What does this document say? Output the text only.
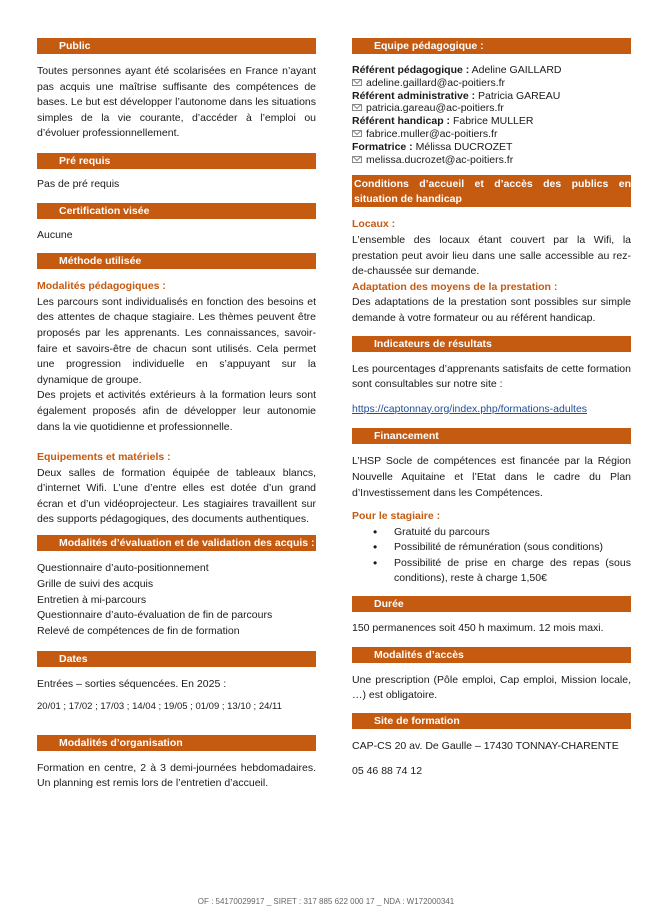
Public
Toutes personnes ayant été scolarisées en France n’ayant pas acquis une maîtrise suffisante des compétences de bases. Le but est développer l’autonome dans les situations simples de la vie courante, d’accéder à l’emploi ou d’évoluer professionnellement.
Pré requis
Pas de pré requis
Certification visée
Aucune
Méthode utilisée
Modalités pédagogiques :
Les parcours sont individualisés en fonction des besoins et des attentes de chaque stagiaire. Les thèmes peuvent être proposés par les apprenants. Les connaissances, savoir-faire et savoirs-être de chacun sont utilisés. Cela permet une progression individuelle en s’appuyant sur la dynamique de groupe.
Des projets et activités extérieurs à la formation leurs sont également proposés afin de développer leur autonomie dans la vie quotidienne et professionnelle.
Equipements et matériels :
Deux salles de formation équipée de tableaux blancs, d’internet Wifi. L’une d’entre elles est dotée d’un grand écran et d’un vidéoprojecteur. Les stagiaires travaillent sur des supports pédagogiques, des documents authentiques.
Modalités d’évaluation et de validation des acquis :
Questionnaire d’auto-positionnement
Grille de suivi des acquis
Entretien à mi-parcours
Questionnaire d’auto-évaluation de fin de parcours
Relevé de compétences de fin de formation
Dates
Entrées – sorties séquencées. En 2025 :
20/01 ; 17/02 ; 17/03 ; 14/04 ; 19/05 ; 01/09 ; 13/10 ; 24/11
Modalités d’organisation
Formation en centre, 2 à 3 demi-journées hebdomadaires. Un planning est remis lors de l’entretien d’accueil.
Equipe pédagogique :
Référent pédagogique : Adeline GAILLARD
adeline.gaillard@ac-poitiers.fr
Référent administrative : Patricia GAREAU
patricia.gareau@ac-poitiers.fr
Référent handicap : Fabrice MULLER
fabrice.muller@ac-poitiers.fr
Formatrice : Mélissa DUCROZET
melissa.ducrozet@ac-poitiers.fr
Conditions d’accueil et d’accès des publics en situation de handicap
Locaux :
L’ensemble des locaux étant couvert par la Wifi, la prestation peut avoir lieu dans une salle accessible au rez-de-chaussée sur demande.
Adaptation des moyens de la prestation :
Des adaptations de la prestation sont possibles sur simple demande à votre formateur ou au référent handicap.
Indicateurs de résultats
Les pourcentages d’apprenants satisfaits de cette formation sont consultables sur notre site :
https://captonnay.org/index.php/formations-adultes
Financement
L’HSP Socle de compétences est financée par la Région Nouvelle Aquitaine et l’Etat dans le cadre du Plan d’Investissement dans les Compétences.
Pour le stagiaire :
• Gratuité du parcours
• Possibilité de rémunération (sous conditions)
• Possibilité de prise en charge des repas (sous conditions), reste à charge 1,50€
Durée
150 permanences soit 450 h maximum. 12 mois maxi.
Modalités d’accès
Une prescription (Pôle emploi, Cap emploi, Mission locale, …) est obligatoire.
Site de formation
CAP-CS 20 av. De Gaulle – 17430 TONNAY-CHARENTE
05 46 88 74 12
OF : 54170029917 _ SIRET : 317 885 622 000 17 _ NDA : W172000341
